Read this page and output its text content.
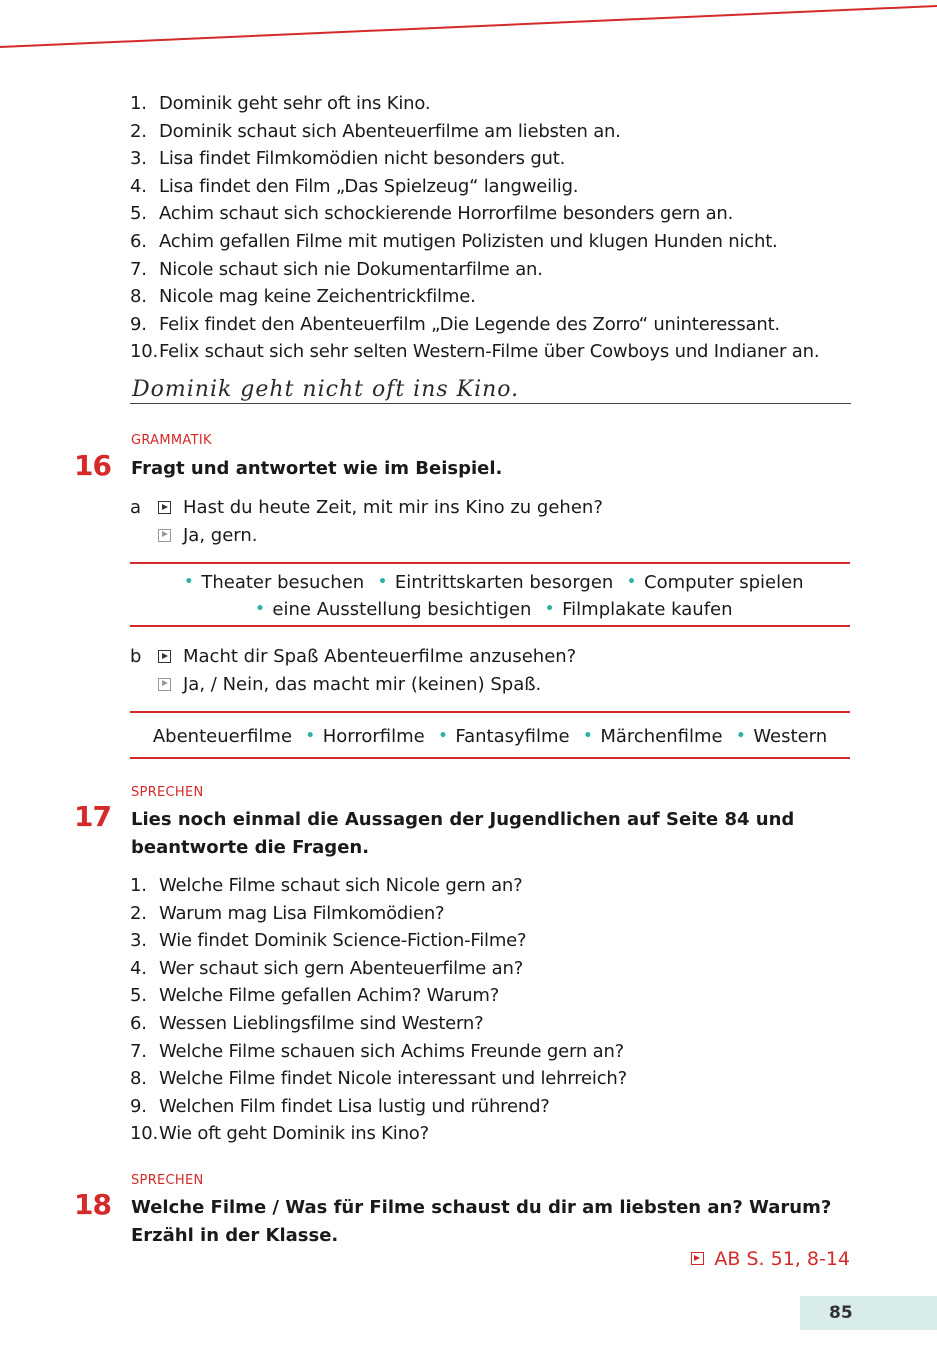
1. Dominik geht sehr oft ins Kino.
2. Dominik schaut sich Abenteuerfilme am liebsten an.
3. Lisa findet Filmkomödien nicht besonders gut.
4. Lisa findet den Film „Das Spielzeug“ langweilig.
5. Achim schaut sich schockierende Horrorfilme besonders gern an.
6. Achim gefallen Filme mit mutigen Polizisten und klugen Hunden nicht.
7. Nicole schaut sich nie Dokumentarfilme an.
8. Nicole mag keine Zeichentrickfilme.
9. Felix findet den Abenteuerfilm „Die Legende des Zorro“ uninteressant.
10.Felix schaut sich sehr selten Western-Filme über Cowboys und Indianer an.
Dominik geht nicht oft ins Kino.
GRAMMATIK
16 Fragt und antwortet wie im Beispiel.
a Hast du heute Zeit, mit mir ins Kino zu gehen?
Ja, gern.
• Theater besuchen • Eintrittskarten besorgen • Computer spielen
• eine Ausstellung besichtigen • Filmplakate kaufen
b Macht dir Spaß Abenteuerfilme anzusehen?
Ja, / Nein, das macht mir (keinen) Spaß.
Abenteuerfilme • Horrorfilme • Fantasyfilme • Märchenfilme • Western
SPRECHEN
17 Lies noch einmal die Aussagen der Jugendlichen auf Seite 84 und beantworte die Fragen.
1. Welche Filme schaut sich Nicole gern an?
2. Warum mag Lisa Filmkomödien?
3. Wie findet Dominik Science-Fiction-Filme?
4. Wer schaut sich gern Abenteuerfilme an?
5. Welche Filme gefallen Achim? Warum?
6. Wessen Lieblingsfilme sind Western?
7. Welche Filme schauen sich Achims Freunde gern an?
8. Welche Filme findet Nicole interessant und lehrreich?
9. Welchen Film findet Lisa lustig und rührend?
10.Wie oft geht Dominik ins Kino?
SPRECHEN
18 Welche Filme / Was für Filme schaust du dir am liebsten an? Warum? Erzähl in der Klasse.
AB S. 51, 8-14
85
